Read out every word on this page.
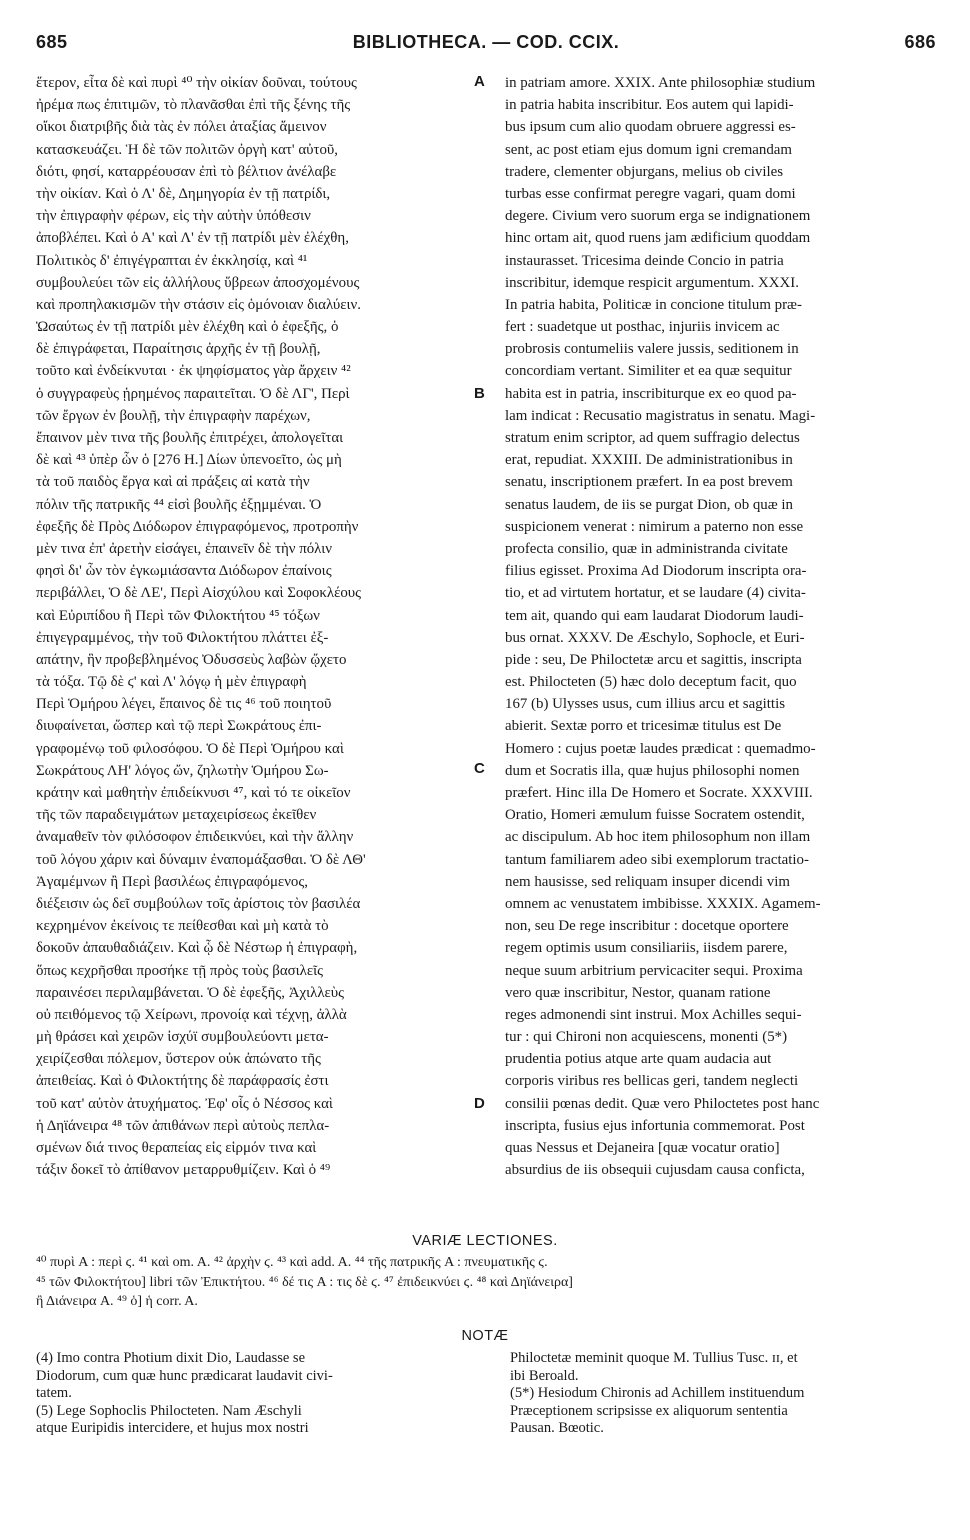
685	BIBLIOTHECA. — COD. CCIX.	686
ἕτερον, εἶτα δὲ καὶ πυρὶ ⁴⁰ τὴν οἰκίαν δοῦναι, τούτους
ἠρέμα πως ἐπιτιμῶν, τὸ πλανᾶσθαι ἐπὶ τῆς ξένης τῆς
οἴκοι διατριβῆς διὰ τὰς ἐν πόλει ἀταξίας ἄμεινον
κατασκευάζει. Ἡ δὲ τῶν πολιτῶν ὀργὴ κατ' αὐτοῦ,
διότι, φησί, καταρρέουσαν ἐπὶ τὸ βέλτιον ἀνέλαβε
τὴν οἰκίαν. Καὶ ὁ Λ' δὲ, Δημηγορία ἐν τῇ πατρίδι,
τὴν ἐπιγραφὴν φέρων, εἰς τὴν αὐτὴν ὑπόθεσιν
ἀποβλέπει. Καὶ ὁ Α' καὶ Λ' ἐν τῇ πατρίδι μὲν ἐλέχθη,
Πολιτικὸς δ' ἐπιγέγραπται ἐν ἐκκλησίᾳ, καὶ ⁴¹
συμβουλεύει τῶν εἰς ἀλλήλους ὕβρεων ἀποσχομένους
καὶ προπηλακισμῶν τὴν στάσιν εἰς ὁμόνοιαν διαλύειν.
Ὡσαύτως ἐν τῇ πατρίδι μὲν ἐλέχθη καὶ ὁ ἐφεξῆς, ὁ
δὲ ἐπιγράφεται, Παραίτησις ἀρχῆς ἐν τῇ βουλῇ,
τοῦτο καὶ ἐνδείκνυται · ἐκ ψηφίσματος γὰρ ἄρχειν ⁴²
ὁ συγγραφεὺς ᾑρημένος παραιτεῖται. Ὁ δὲ ΛΓ', Περὶ
τῶν ἔργων ἐν βουλῇ, τὴν ἐπιγραφὴν παρέχων,
ἔπαινον μὲν τινα τῆς βουλῆς ἐπιτρέχει, ἀπολογεῖται
δὲ καὶ ⁴³ ὑπὲρ ὧν ὁ [276 H.] Δίων ὑπενοεῖτο, ὡς μὴ
τὰ τοῦ παιδὸς ἔργα καὶ αἱ πράξεις αἱ κατὰ τὴν
πόλιν τῆς πατρικῆς ⁴⁴ εἰσὶ βουλῆς ἐξῃμμέναι. Ὁ
ἐφεξῆς δὲ Πρὸς Διόδωρον ἐπιγραφόμενος, προτροπὴν
μὲν τινα ἐπ' ἀρετὴν εἰσάγει, ἐπαινεῖν δὲ τὴν πόλιν
φησὶ δι' ὧν τὸν ἐγκωμιάσαντα Διόδωρον ἐπαίνοις
περιβάλλει, Ὁ δὲ ΛΕ', Περὶ Αἰσχύλου καὶ Σοφοκλέους
καὶ Εὐριπίδου ἢ Περὶ τῶν Φιλοκτήτου ⁴⁵ τόξων
ἐπιγεγραμμένος, τὴν τοῦ Φιλοκτήτου πλάττει ἐξ-
απάτην, ἣν προβεβλημένος Ὀδυσσεὺς λαβὼν ᾤχετο
τὰ τόξα. Τῷ δὲ ϛ' καὶ Λ' λόγῳ ἡ μὲν ἐπιγραφὴ
Περὶ Ὁμήρου λέγει, ἔπαινος δὲ τις ⁴⁶ τοῦ ποιητοῦ
διυφαίνεται, ὥσπερ καὶ τῷ περὶ Σωκράτους ἐπι-
γραφομένῳ τοῦ φιλοσόφου. Ὁ δὲ Περὶ Ὁμήρου καὶ
Σωκράτους ΛΗ' λόγος ὤν, ζηλωτὴν Ὁμήρου Σω-
κράτην καὶ μαθητὴν ἐπιδείκνυσι ⁴⁷, καὶ τό τε οἰκεῖον
τῆς τῶν παραδειγμάτων μεταχειρίσεως ἐκεῖθεν
ἀναμαθεῖν τὸν φιλόσοφον ἐπιδεικνύει, καὶ τὴν ἄλλην
τοῦ λόγου χάριν καὶ δύναμιν ἐναπομάξασθαι. Ὁ δὲ ΛΘ'
Ἀγαμέμνων ἢ Περὶ βασιλέως ἐπιγραφόμενος,
διέξεισιν ὡς δεῖ συμβούλων τοῖς ἀρίστοις τὸν βασιλέα
κεχρημένον ἐκείνοις τε πείθεσθαι καὶ μὴ κατὰ τὸ
δοκοῦν ἀπαυθαδιάζειν. Καὶ ᾧ δὲ Νέστωρ ἡ ἐπιγραφὴ,
ὅπως κεχρῆσθαι προσήκε τῇ πρὸς τοὺς βασιλεῖς
παραινέσει περιλαμβάνεται. Ὁ δὲ ἐφεξῆς, Ἀχιλλεὺς
οὐ πειθόμενος τῷ Χείρωνι, προνοίᾳ καὶ τέχνῃ, ἀλλὰ
μὴ θράσει καὶ χειρῶν ἰσχύϊ συμβουλεύοντι μετα-
χειρίζεσθαι πόλεμον, ὕστερον οὐκ ἀπώνατο τῆς
ἀπειθείας. Καὶ ὁ Φιλοκτήτης δὲ παράφρασίς ἐστι
τοῦ κατ' αὐτὸν ἀτυχήματος. Ἐφ' οἷς ὁ Νέσσος καὶ
ἡ Δηϊάνειρα ⁴⁸ τῶν ἀπιθάνων περὶ αὐτοὺς πεπλα-
σμένων διά τινος θεραπείας εἰς εἱρμόν τινα καὶ
τάξιν δοκεῖ τὸ ἀπίθανον μεταρρυθμίζειν. Καὶ ὁ ⁴⁹
in patriam amore. XXIX. Ante philosophiæ studium
in patria habita inscribitur. Eos autem qui lapidi-
bus ipsum cum alio quodam obruere aggressi es-
sent, ac post etiam ejus domum igni cremandam
tradere, clementer objurgans, melius ob civiles
turbas esse confirmat peregre vagari, quam domi
degere. Civium vero suorum erga se indignationem
hinc ortam ait, quod ruens jam ædificium quoddam
instaurasset. Tricesima deinde Concio in patria
inscribitur, idemque respicit argumentum. XXXI.
In patria habita, Politicæ in concione titulum præ-
fert : suadetque ut posthac, injuriis invicem ac
probrosis contumeliis valere jussis, seditionem in
concordiam vertant. Similiter et ea quæ sequitur
habita est in patria, inscribiturque ex eo quod pa-
lam indicat : Recusatio magistratus in senatu. Magi-
stratum enim scriptor, ad quem suffragio delectus
erat, repudiat. XXXIII. De administrationibus in
senatu, inscriptionem præfert. In ea post brevem
senatus laudem, de iis se purgat Dion, ob quæ in
suspicionem venerat : nimirum a paterno non esse
profecta consilio, quæ in administranda civitate
filius egisset. Proxima Ad Diodorum inscripta ora-
tio, et ad virtutem hortatur, et se laudare (4) civita-
tem ait, quando qui eam laudarat Diodorum laudi-
bus ornat. XXXV. De Æschylo, Sophocle, et Euri-
pide : seu, De Philoctetæ arcu et sagittis, inscripta
est. Philocteten (5) hæc dolo deceptum facit, quo
167 (b) Ulysses usus, cum illius arcu et sagittis
abierit. Sextæ porro et tricesimæ titulus est De
Homero : cujus poetæ laudes prædicat : quemadmo-
dum et Socratis illa, quæ hujus philosophi nomen
præfert. Hinc illa De Homero et Socrate. XXXVIII.
Oratio, Homeri æmulum fuisse Socratem ostendit,
ac discipulum. Ab hoc item philosophum non illam
tantum familiarem adeo sibi exemplorum tractatio-
nem hausisse, sed reliquam insuper dicendi vim
omnem ac venustatem imbibisse. XXXIX. Agamem-
non, seu De rege inscribitur : docetque oportere
regem optimis usum consiliariis, iisdem parere,
neque suum arbitrium pervicaciter sequi. Proxima
vero quæ inscribitur, Nestor, quanam ratione
reges admonendi sint instrui. Mox Achilles sequi-
tur : qui Chironi non acquiescens, monenti (5*)
prudentia potius atque arte quam audacia aut
corporis viribus res bellicas geri, tandem neglecti
consilii pœnas dedit. Quæ vero Philoctetes post hanc
inscripta, fusius ejus infortunia commemorat. Post
quas Nessus et Dejaneira [quæ vocatur oratio]
absurdius de iis obsequii cujusdam causa conficta,
A
B
C
D
VARIÆ LECTIONES.
⁴⁰ πυρὶ A : περὶ ϛ. ⁴¹ καὶ om. A. ⁴² ἀρχὴν ϛ. ⁴³ καὶ add. A. ⁴⁴ τῆς πατρικῆς A : πνευματικῆς ϛ.
⁴⁵ τῶν Φιλοκτήτου] libri τῶν Ἐπικτήτου. ⁴⁶ δέ τις A : τις δὲ ϛ. ⁴⁷ ἐπιδεικνύει ϛ. ⁴⁸ καὶ Δηϊάνειρα]
ἢ Διάνειρα A. ⁴⁹ ὁ] ἡ corr. A.
NOTÆ
(4) Imo contra Photium dixit Dio, Laudasse se
Diodorum, cum quæ hunc prædicarat laudavit civi-
tatem.
(5) Lege Sophoclis Philocteten. Nam Æschyli
atque Euripidis intercidere, et hujus mox nostri
Philoctetæ meminit quoque M. Tullius Tusc. ɪɪ, et
ibi Beroald.
(5*) Hesiodum Chironis ad Achillem instituendum
Præceptionem scripsisse ex aliquorum sententia
Pausan. Bœotic.
